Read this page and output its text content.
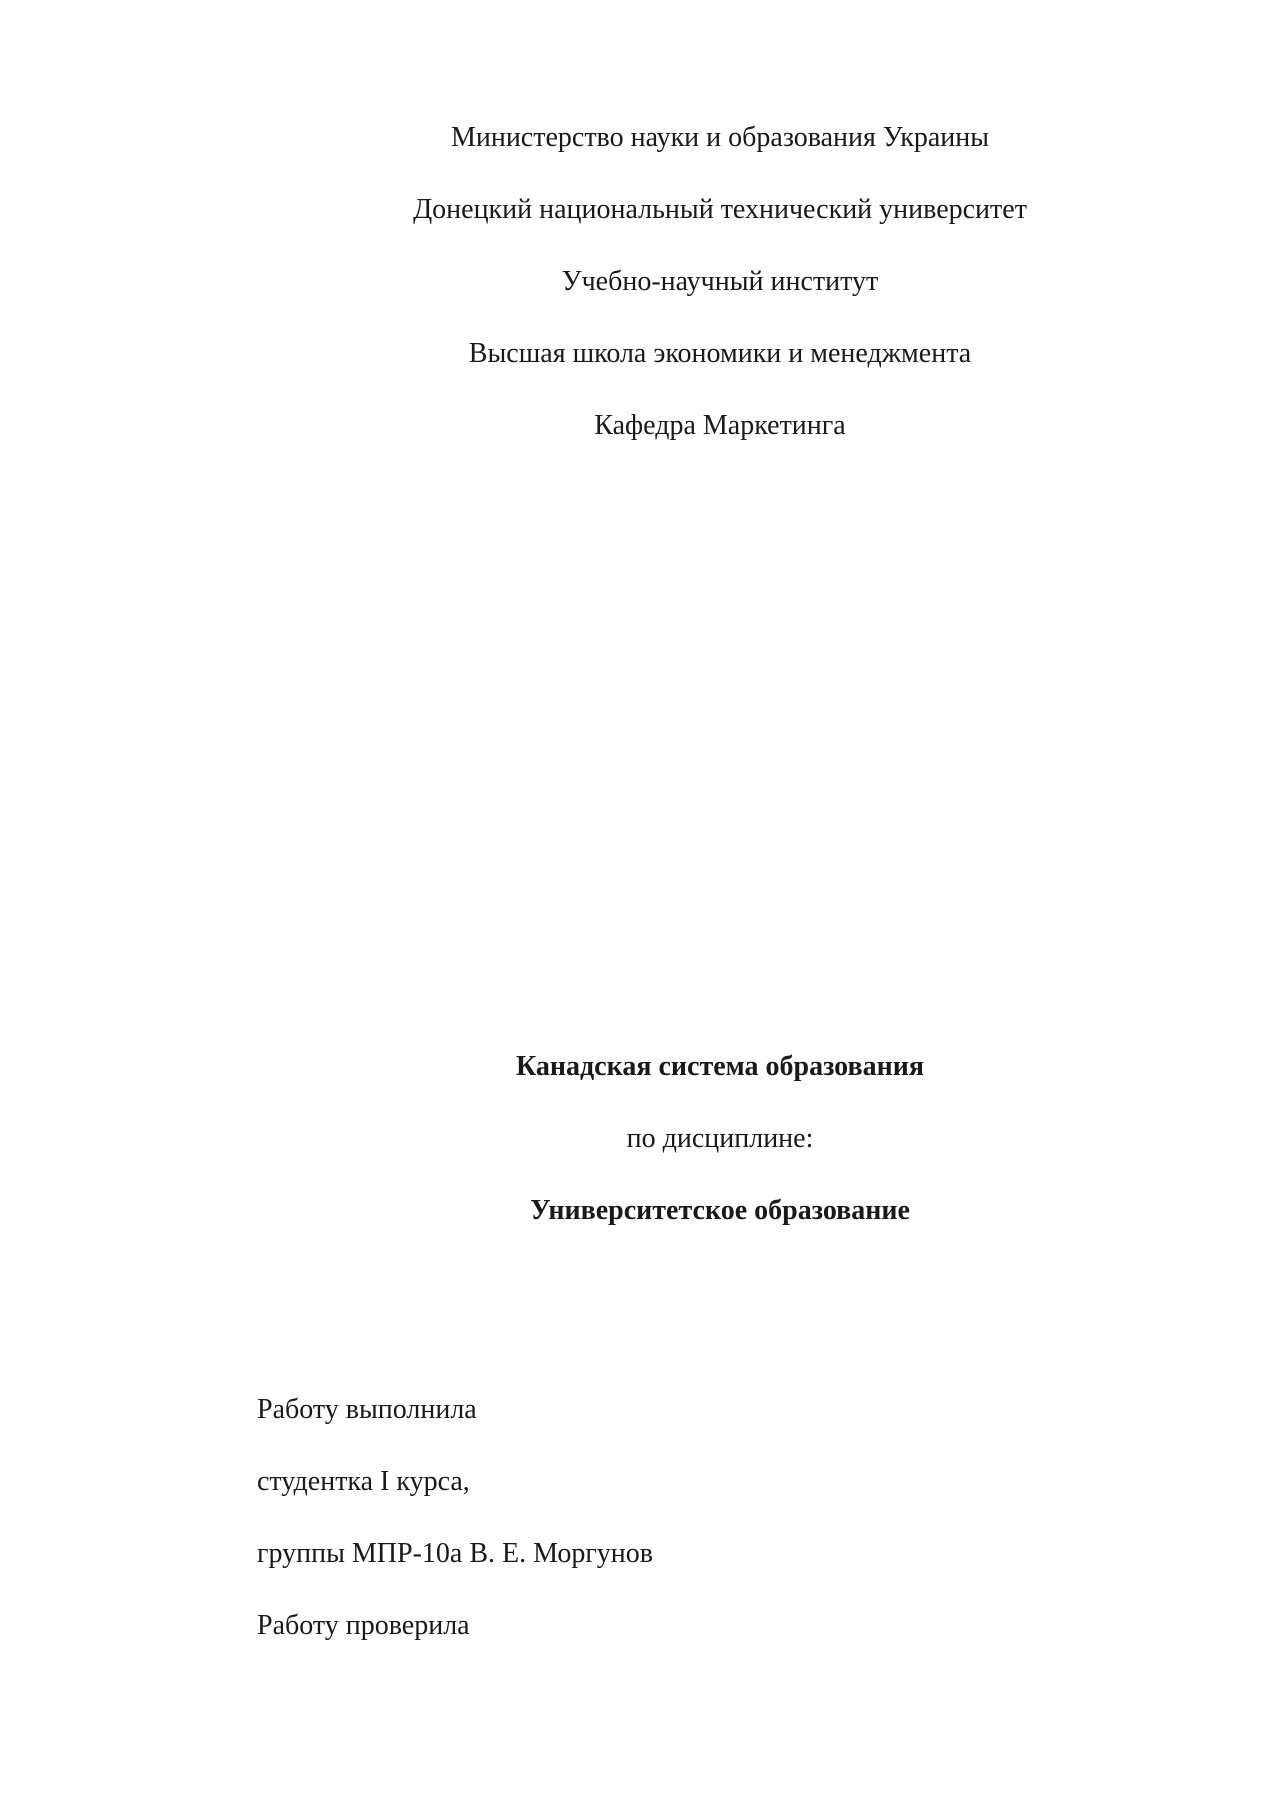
Министерство науки и образования Украины
Донецкий национальный технический университет
Учебно-научный институт
Высшая школа экономики и менеджмента
Кафедра Маркетинга
Канадская система образования
по дисциплине:
Университетское образование
Работу выполнила
студентка I курса,
группы МПР-10а В. Е. Моргунов
Работу проверила
